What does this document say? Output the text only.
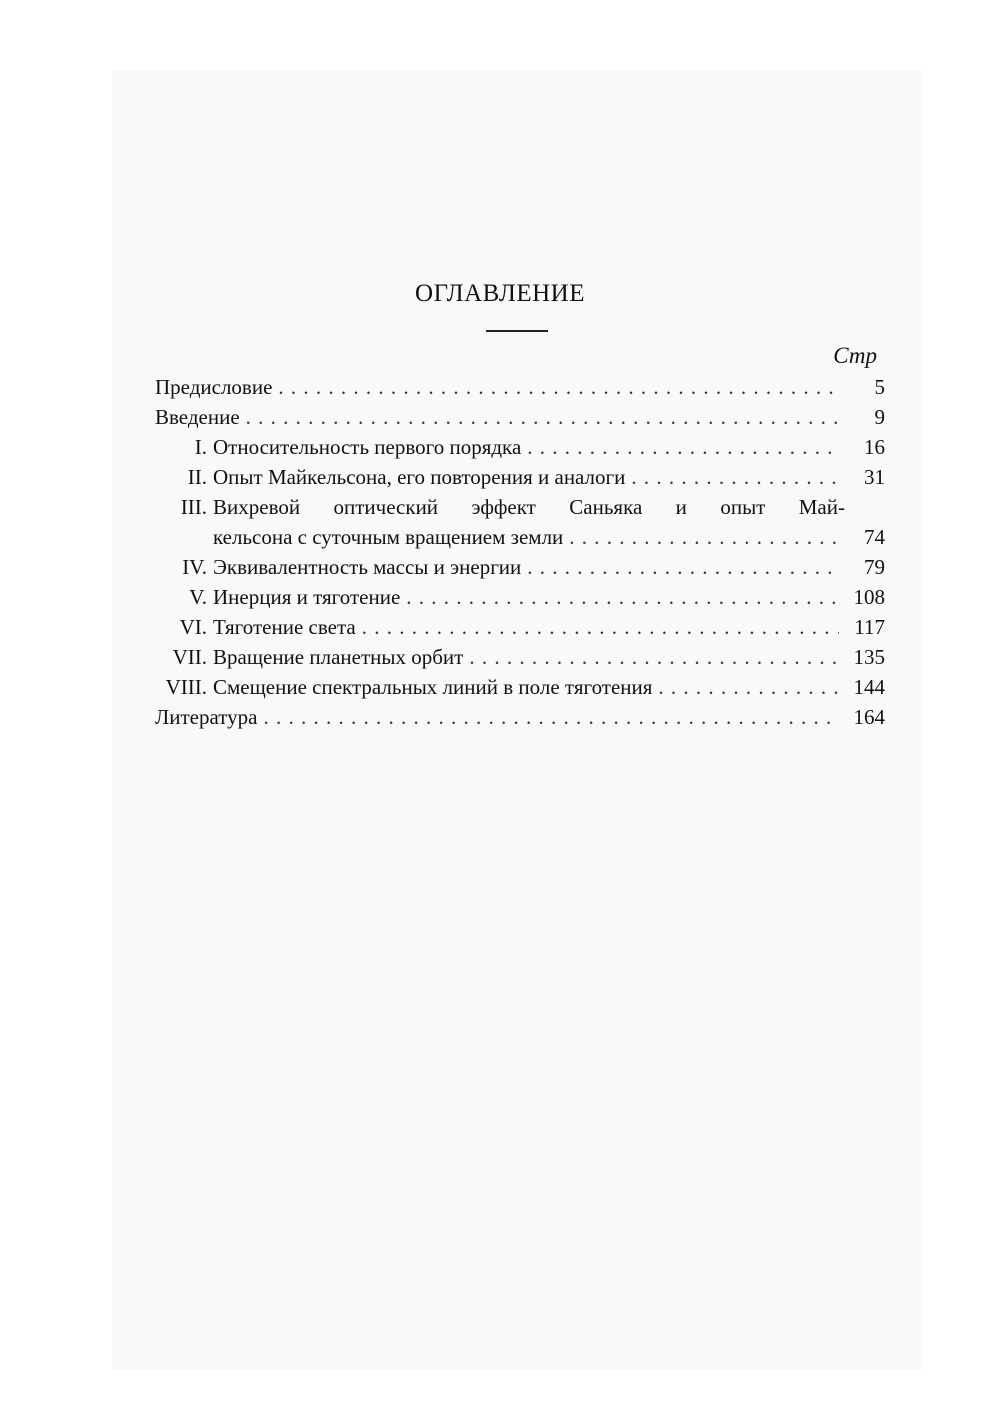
ОГЛАВЛЕНИЕ
Стр
Предисловие . . .	5
Введение . . .	9
I. Относительность первого порядка . . .	16
II. Опыт Майкельсона, его повторения и аналоги . . .	31
III. Вихревой оптический эффект Саньяка и опыт Май-
кельсона с суточным вращением земли . . .	74
IV. Эквивалентность массы и энергии . . .	79
V. Инерция и тяготение . . .	108
VI. Тяготение света . . .	117
VII. Вращение планетных орбит . . .	135
VIII. Смещение спектральных линий в поле тяготения . . .	144
Литература . . .	164
